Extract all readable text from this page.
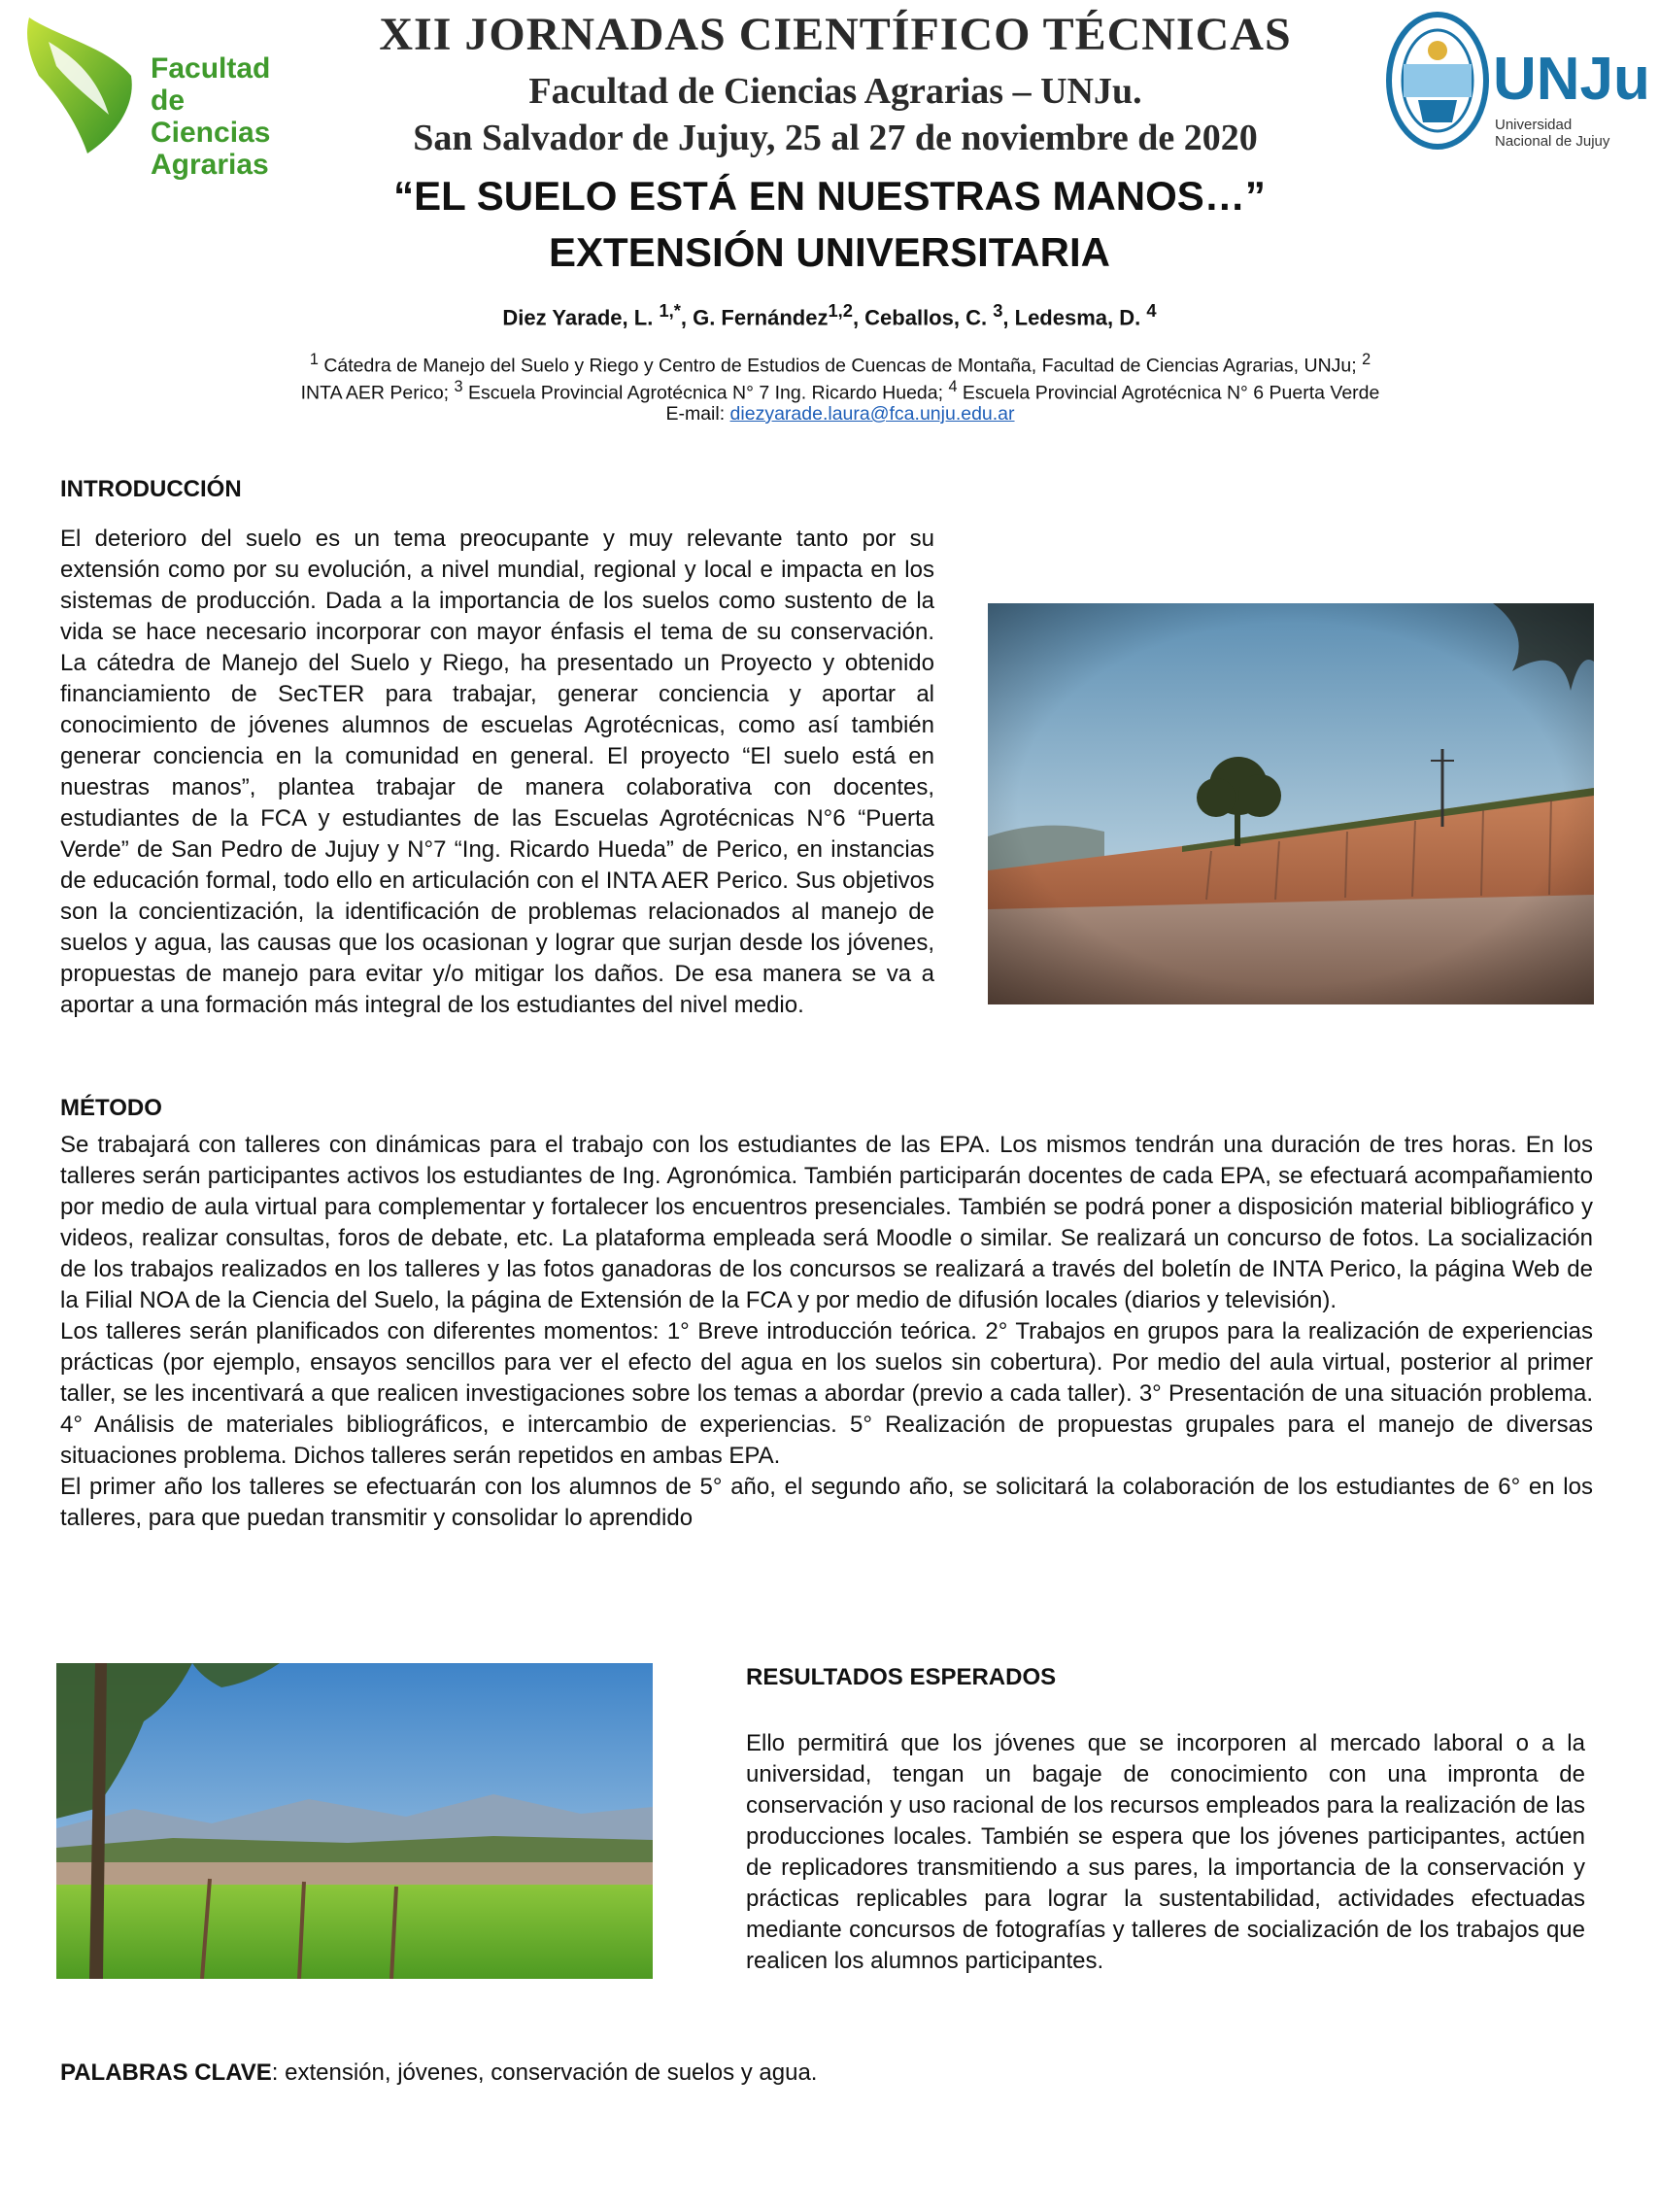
Facultad
de Ciencias
Agrarias
XII JORNADAS CIENTÍFICO TÉCNICAS
Facultad de Ciencias Agrarias – UNJu.
San Salvador de Jujuy, 25 al 27 de noviembre de 2020
UNJu
Universidad
Nacional de Jujuy
“EL SUELO ESTÁ EN NUESTRAS MANOS…”
EXTENSIÓN UNIVERSITARIA
Diez Yarade, L. $^{1,*}$, G. Fernández$^{1,2}$, Ceballos, C. $^3$, Ledesma, D. $^4$
$^1$ Cátedra de Manejo del Suelo y Riego y Centro de Estudios de Cuencas de Montaña, Facultad de Ciencias Agrarias, UNJu; $^2$
INTA AER Perico; $^3$ Escuela Provincial Agrotécnica N° 7 Ing. Ricardo Hueda; $^4$ Escuela Provincial Agrotécnica N° 6 Puerta Verde
E-mail: diezyarade.laura@fca.unju.edu.ar
INTRODUCCIÓN
El deterioro del suelo es un tema preocupante y muy relevante tanto por su extensión como por su evolución, a nivel mundial, regional y local e impacta en los sistemas de producción. Dada a la importancia de los suelos como sustento de la vida se hace necesario incorporar con mayor énfasis el tema de su conservación. La cátedra de Manejo del Suelo y Riego, ha presentado un Proyecto y obtenido financiamiento de SecTER para trabajar, generar conciencia y aportar al conocimiento de jóvenes alumnos de escuelas Agrotécnicas, como así también generar conciencia en la comunidad en general. El proyecto “El suelo está en nuestras manos”, plantea trabajar de manera colaborativa con docentes, estudiantes de la FCA y estudiantes de las Escuelas Agrotécnicas N°6 “Puerta Verde” de San Pedro de Jujuy y N°7 “Ing. Ricardo Hueda” de Perico, en instancias de educación formal, todo ello en articulación con el INTA AER Perico. Sus objetivos son la concientización, la identificación de problemas relacionados al manejo de suelos y agua, las causas que los ocasionan y lograr que surjan desde los jóvenes, propuestas de manejo para evitar y/o mitigar los daños. De esa manera se va a aportar a una formación más integral de los estudiantes del nivel medio.
MÉTODO

Se trabajará con talleres con dinámicas para el trabajo con los estudiantes de las EPA. Los mismos tendrán una duración de tres horas. En los talleres serán participantes activos los estudiantes de Ing. Agronómica. También participarán docentes de cada EPA, se efectuará acompañamiento por medio de aula virtual para complementar y fortalecer los encuentros presenciales. También se podrá poner a disposición material bibliográfico y videos, realizar consultas, foros de debate, etc. La plataforma empleada será Moodle o similar. Se realizará un concurso de fotos. La socialización de los trabajos realizados en los talleres y las fotos ganadoras de los concursos se realizará a través del boletín de INTA Perico, la página Web de la Filial NOA de la Ciencia del Suelo, la página de Extensión de la FCA y por medio de difusión locales (diarios y televisión).

Los talleres serán planificados con diferentes momentos: 1° Breve introducción teórica. 2° Trabajos en grupos para la realización de experiencias prácticas (por ejemplo, ensayos sencillos para ver el efecto del agua en los suelos sin cobertura). Por medio del aula virtual, posterior al primer taller, se les incentivará a que realicen investigaciones sobre los temas a abordar (previo a cada taller). 3° Presentación de una situación problema. 4° Análisis de materiales bibliográficos, e intercambio de experiencias. 5° Realización de propuestas grupales para el manejo de diversas situaciones problema. Dichos talleres serán repetidos en ambas EPA.

El primer año los talleres se efectuarán con los alumnos de 5° año, el segundo año, se solicitará la colaboración de los estudiantes de 6° en los talleres, para que puedan transmitir y consolidar lo aprendido

RESULTADOS ESPERADOS
Ello permitirá que los jóvenes que se incorporen al mercado laboral o a la universidad, tengan un bagaje de conocimiento con una impronta de conservación y uso racional de los recursos empleados para la realización de las producciones locales. También se espera que los jóvenes participantes, actúen de replicadores transmitiendo a sus pares, la importancia de la conservación y prácticas replicables para lograr la sustentabilidad, actividades efectuadas mediante concursos de fotografías y talleres de socialización de los trabajos que realicen los alumnos participantes.
PALABRAS CLAVE: extensión, jóvenes, conservación de suelos y agua.
